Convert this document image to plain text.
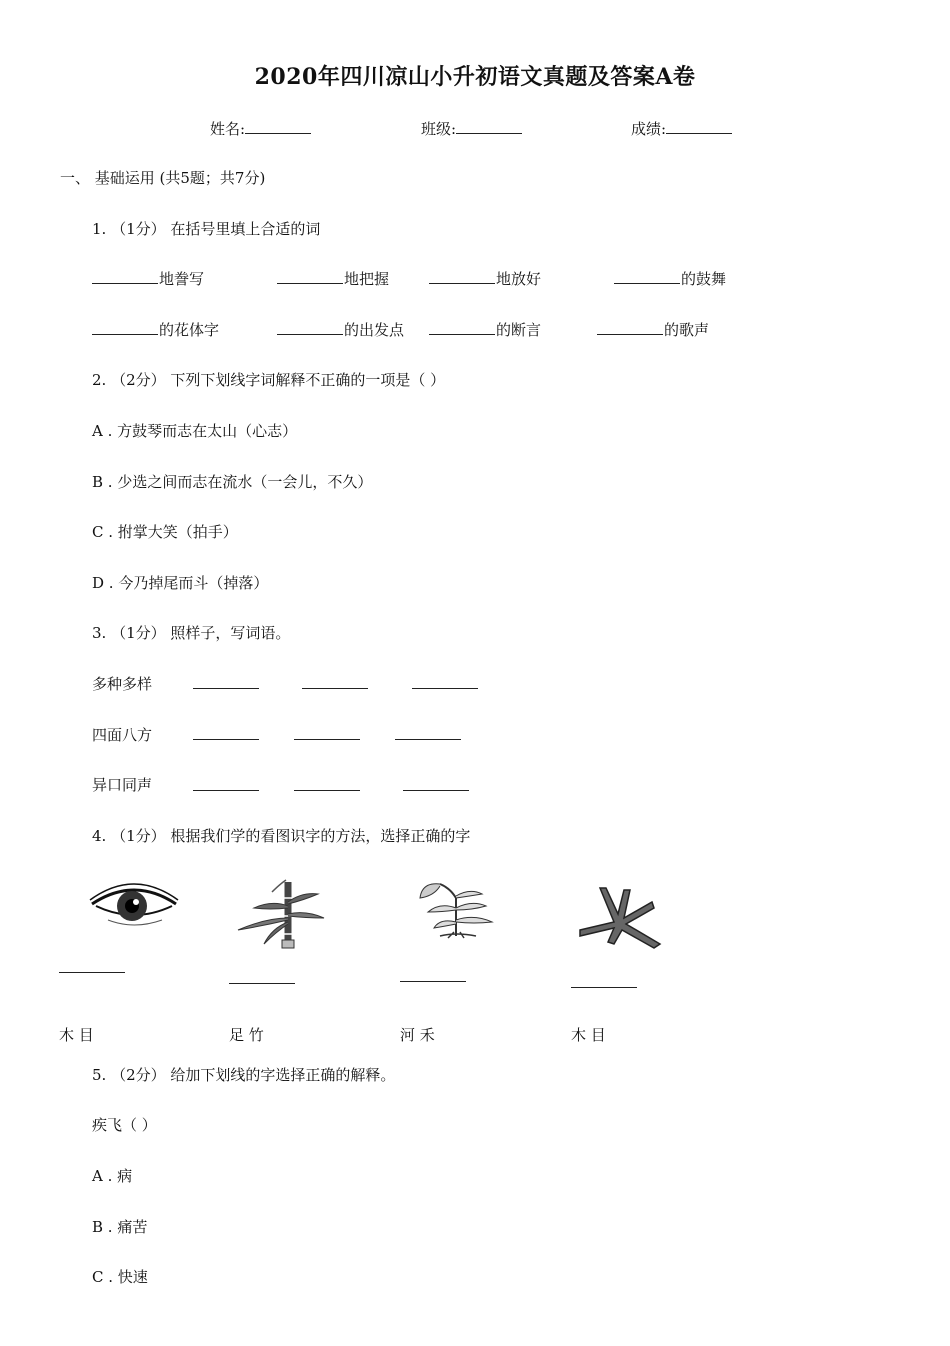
2020年四川凉山小升初语文真题及答案A卷
姓名:	班级:	成绩:
一、 基础运用 (共5题；共7分)
1. （1分） 在括号里填上合适的词
地誊写	地把握	地放好	的鼓舞
的花体字	的出发点	的断言	的歌声
2. （2分） 下列下划线字词解释不正确的一项是（ ）
A . 方鼓琴而志在太山（心志）
B . 少选之间而志在流水（一会儿，不久）
C . 拊掌大笑（拍手）
D . 今乃掉尾而斗（掉落）
3. （1分） 照样子，写词语。
多种多样
四面八方
异口同声
4. （1分） 根据我们学的看图识字的方法，选择正确的字
木 目	足 竹	河 禾	木 目
5. （2分） 给加下划线的字选择正确的解释。
疾飞（ ）
A . 病
B . 痛苦
C . 快速
